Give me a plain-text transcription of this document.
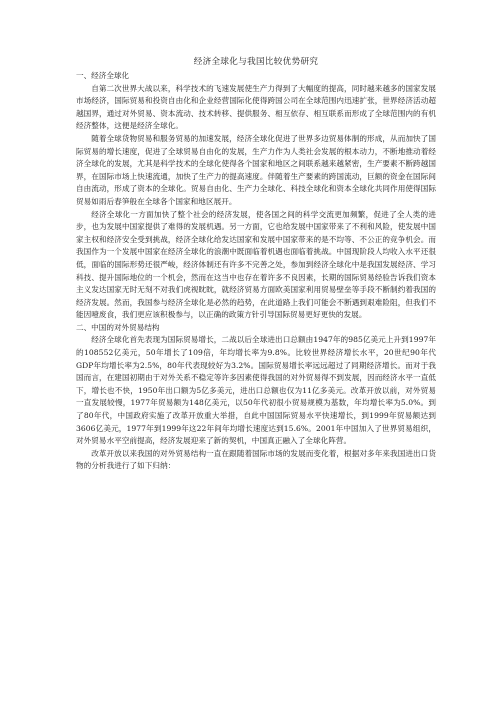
经济全球化与我国比较优势研究

一、经济全球化

自第二次世界大战以来，科学技术的飞速发展使生产力得到了大幅度的提高，同时越来越多的国家发展市场经济，国际贸易和投资自由化和企业经营国际化使得跨国公司在全球范围内迅速扩张，世界经济活动超越国界，通过对外贸易、资本流动、技术转移、提供服务、相互依存、相互联系而形成了全球范围内的有机经济整体，这便是经济全球化。

随着全球货物贸易和服务贸易的加速发展，经济全球化促进了世界多边贸易体制的形成，从而加快了国际贸易的增长速度，促进了全球贸易自由化的发展，生产力作为人类社会发展的根本动力，不断地推动着经济全球化的发展，尤其是科学技术的全球化使得各个国家和地区之间联系越来越紧密，生产要素不断跨越国界，在国际市场上快速流通，加快了生产力的提高速度。伴随着生产要素的跨国流动，巨额的资金在国际间自由流动，形成了资本的全球化。贸易自由化、生产力全球化、科技全球化和资本全球化共同作用使得国际贸易如雨后春笋般在全球各个国家和地区展开。

经济全球化一方面加快了整个社会的经济发展，使各国之间的科学交流更加频繁，促进了全人类的进步，也为发展中国家提供了难得的发展机遇。另一方面，它也给发展中国家带来了不利和风险，使发展中国家主权和经济安全受到挑战，经济全球化给发达国家和发展中国家带来的是不均等、不公正的竞争机会。而我国作为一个发展中国家在经济全球化的浪潮中既面临着机遇也面临着挑战。中国现阶段人均收入水平还很低，面临的国际形势还很严峻，经济体制还有许多不完善之处，参加到经济全球化中是我国发展经济、学习科技、提升国际地位的一个机会，然而在这当中也存在着许多不良因素，长期的国际贸易经验告诉我们资本主义发达国家无时无刻不对我们虎视眈眈，就经济贸易方面欧美国家利用贸易壁垒等手段不断制约着我国的经济发展。然而，我国参与经济全球化是必然的趋势，在此道路上我们可能会不断遇到艰难险阻，但我们不能因噎废食，我们更应该积极参与，以正确的政策方针引导国际贸易更好更快的发展。

二、中国的对外贸易结构

经济全球化首先表现为国际贸易增长，二战以后全球进出口总额由1947年的985亿美元上升到1997年的108552亿美元，50年增长了109倍，年均增长率为9.8%。比较世界经济增长水平，20世纪90年代GDP年均增长率为2.5%，80年代表现较好为3.2%。国际贸易增长率远远超过了同期经济增长。而对于我国而言，在建国初期由于对外关系不稳定等许多因素使得我国的对外贸易得不到发展，因而经济水平一直低下，增长也不快，1950年出口额为5亿多美元，进出口总额也仅为11亿多美元。改革开放以前，对外贸易一直发展较慢，1977年贸易额为148亿美元，以50年代初很小贸易规模为基数，年均增长率为5.0%。到了80年代，中国政府实施了改革开放重大举措，自此中国国际贸易水平快速增长，到1999年贸易额达到3606亿美元，1977年到1999年这22年间年均增长速度达到15.6%。2001年中国加入了世界贸易组织，对外贸易水平空前提高，经济发展迎来了新的契机，中国真正融入了全球化阵营。

改革开放以来我国的对外贸易结构一直在跟随着国际市场的发展而变化着，根据对多年来我国进出口货物的分析我进行了如下归纳：
